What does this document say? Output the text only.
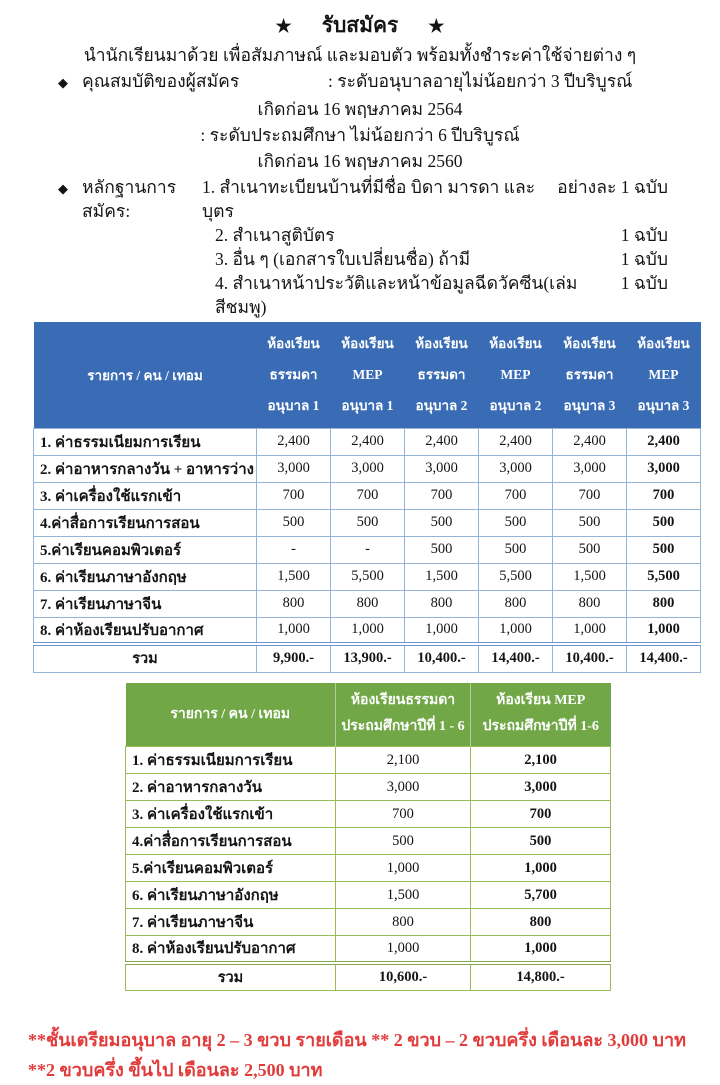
★ รับสมัคร ★
นำนักเรียนมาด้วย เพื่อสัมภาษณ์ และมอบตัว พร้อมทั้งชำระค่าใช้จ่ายต่าง ๆ
◆ คุณสมบัติของผู้สมัคร	: ระดับอนุบาลอายุไม่น้อยกว่า 3 ปีบริบูรณ์
เกิดก่อน 16 พฤษภาคม 2564
: ระดับประถมศึกษา ไม่น้อยกว่า 6 ปีบริบูรณ์
เกิดก่อน 16 พฤษภาคม 2560
◆ หลักฐานการสมัคร:
1. สำเนาทะเบียนบ้านที่มีชื่อ บิดา มารดา และบุตร
อย่างละ 1 ฉบับ
2. สำเนาสูติบัตร	1 ฉบับ
3. อื่น ๆ (เอกสารใบเปลี่ยนชื่อ) ถ้ามี	1 ฉบับ
4. สำเนาหน้าประวัติและหน้าข้อมูลฉีดวัคซีน(เล่มสีชมพู)
1 ฉบับ
รายการ / คน / เทอม	
ห้องเรียน
ธรรมดา
อนุบาล 1

ห้องเรียน
MEP
อนุบาล 1

ห้องเรียน
ธรรมดา
อนุบาล 2

ห้องเรียน
MEP
อนุบาล 2

ห้องเรียน
ธรรมดา
อนุบาล 3

ห้องเรียน
MEP
อนุบาล 3

1. ค่าธรรมเนียมการเรียน	2,400	2,400	2,400	2,400	2,400	2,400
2. ค่าอาหารกลางวัน + อาหารว่าง	3,000	3,000	3,000	3,000	3,000	3,000
3. ค่าเครื่องใช้แรกเข้า	700	700	700	700	700	700
4.ค่าสื่อการเรียนการสอน	500	500	500	500	500	500
5.ค่าเรียนคอมพิวเตอร์	-	-	500	500	500	500
6. ค่าเรียนภาษาอังกฤษ	1,500	5,500	1,500	5,500	1,500	5,500
7. ค่าเรียนภาษาจีน	800	800	800	800	800	800
8. ค่าห้องเรียนปรับอากาศ	1,000	1,000	1,000	1,000	1,000	1,000
รวม	9,900.-	13,900.-	10,400.-	14,400.-	10,400.-	14,400.-
รายการ / คน / เทอม	
ห้องเรียนธรรมดา
ประถมศึกษาปีที่ 1 - 6

ห้องเรียน MEP
ประถมศึกษาปีที่ 1-6

1. ค่าธรรมเนียมการเรียน	2,100	2,100
2. ค่าอาหารกลางวัน	3,000	3,000
3. ค่าเครื่องใช้แรกเข้า	700	700
4.ค่าสื่อการเรียนการสอน	500	500
5.ค่าเรียนคอมพิวเตอร์	1,000	1,000
6. ค่าเรียนภาษาอังกฤษ	1,500	5,700
7. ค่าเรียนภาษาจีน	800	800
8. ค่าห้องเรียนปรับอากาศ	1,000	1,000
รวม	10,600.-	14,800.-
**ชั้นเตรียมอนุบาล อายุ 2 – 3 ขวบ รายเดือน ** 2 ขวบ – 2 ขวบครึ่ง เดือนละ 3,000 บาท **2 ขวบครึ่ง ขึ้นไป เดือนละ 2,500 บาท
